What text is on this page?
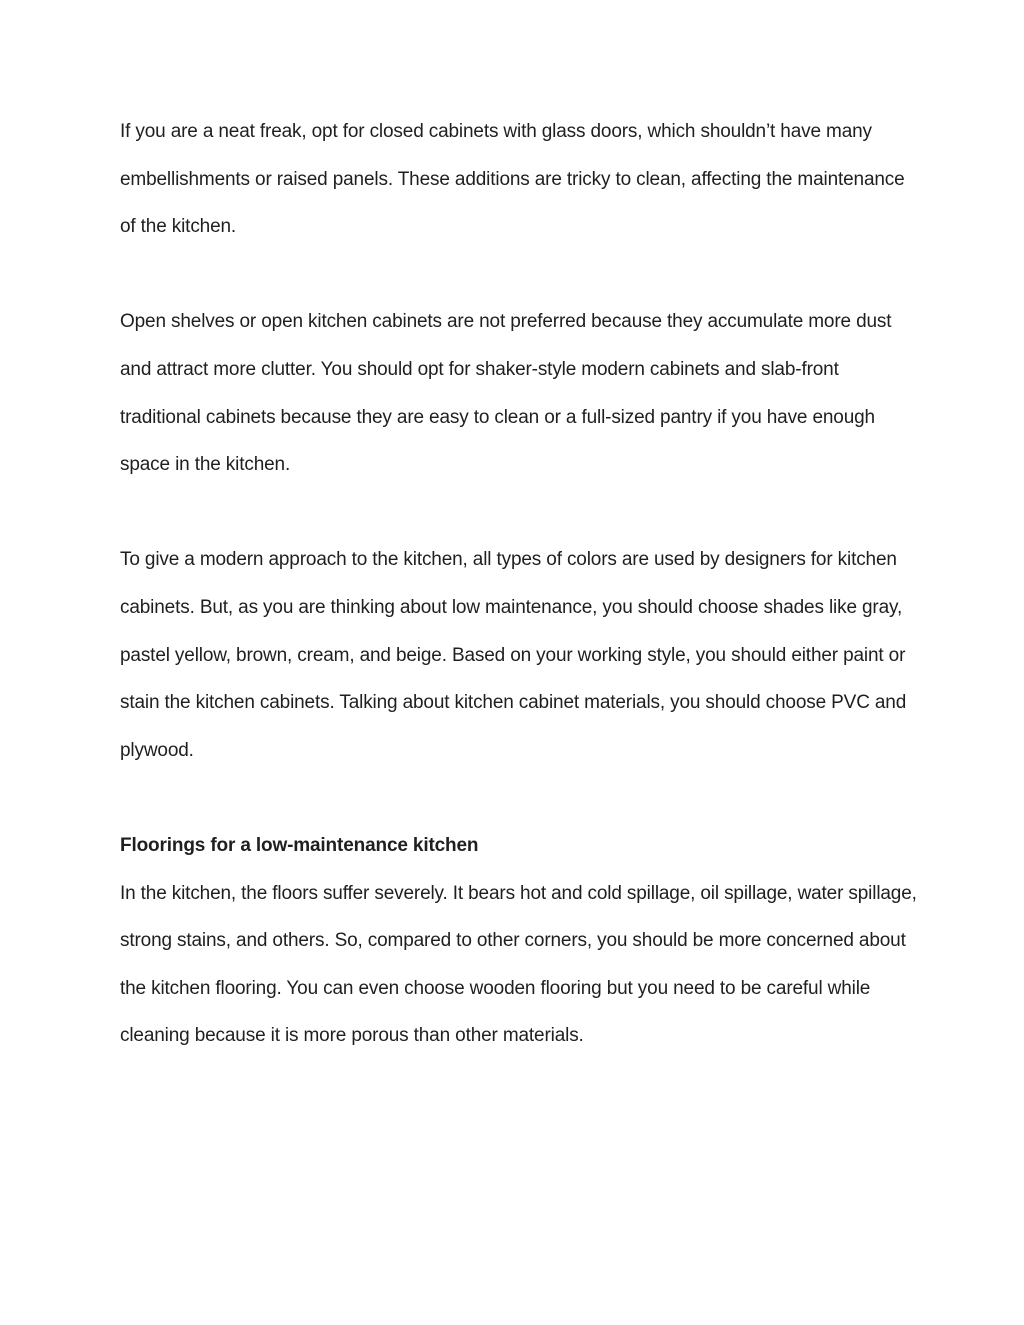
If you are a neat freak, opt for closed cabinets with glass doors, which shouldn’t have many embellishments or raised panels. These additions are tricky to clean, affecting the maintenance of the kitchen.

Open shelves or open kitchen cabinets are not preferred because they accumulate more dust and attract more clutter. You should opt for shaker-style modern cabinets and slab-front traditional cabinets because they are easy to clean or a full-sized pantry if you have enough space in the kitchen.

To give a modern approach to the kitchen, all types of colors are used by designers for kitchen cabinets. But, as you are thinking about low maintenance, you should choose shades like gray, pastel yellow, brown, cream, and beige. Based on your working style, you should either paint or stain the kitchen cabinets. Talking about kitchen cabinet materials, you should choose PVC and plywood.

Floorings for a low-maintenance kitchen

In the kitchen, the floors suffer severely. It bears hot and cold spillage, oil spillage, water spillage, strong stains, and others. So, compared to other corners, you should be more concerned about the kitchen flooring. You can even choose wooden flooring but you need to be careful while cleaning because it is more porous than other materials.
